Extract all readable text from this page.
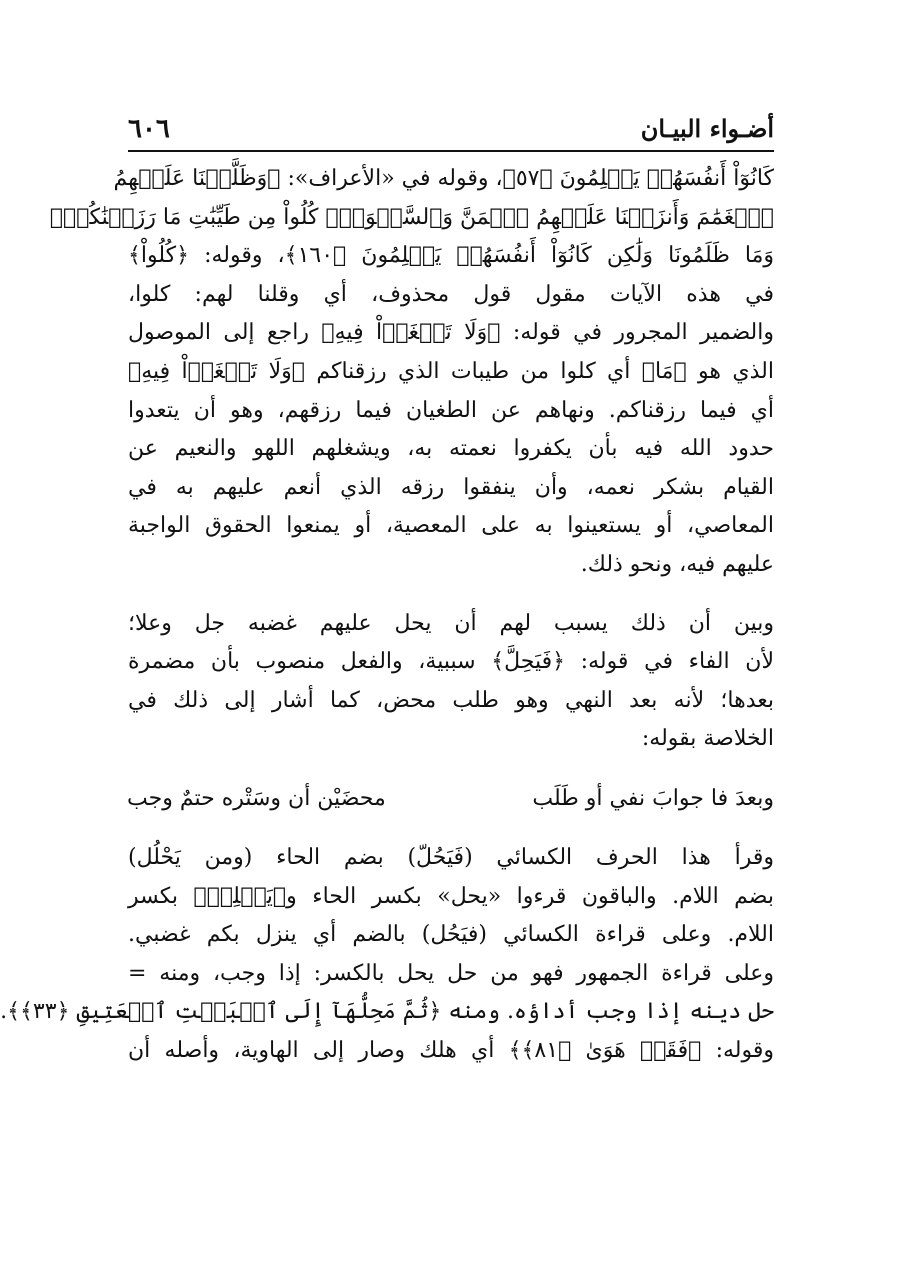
٦٠٦	أضـواء البيـان
كَانُوٓاْ أَنفُسَهُمۡ يَظۡلِمُونَ ﴿٥٧﴾، وقوله في «الأعراف»: ﴿وَظَلَّلۡنَا عَلَيۡهِمُ
ٱلۡغَمَٰمَ وَأَنزَلۡنَا عَلَيۡهِمُ ٱلۡمَنَّ وَٱلسَّلۡوَىٰۖ كُلُواْ مِن طَيِّبَٰتِ مَا رَزَقۡنَٰكُمۡۚ
وَمَا ظَلَمُونَا وَلَٰكِن كَانُوٓاْ أَنفُسَهُمۡ يَظۡلِمُونَ ﴿١٦٠﴾، وقوله: ﴿كُلُواْ﴾
في هذه الآيات مقول قول محذوف، أي وقلنا لهم: كلوا،
والضمير المجرور في قوله: ﴿وَلَا تَطۡغَوۡاْ فِيهِ﴾ راجع إلى الموصول
الذي هو ﴿مَا﴾ أي كلوا من طيبات الذي رزقناكم ﴿وَلَا تَطۡغَوۡاْ فِيهِ﴾
أي فيما رزقناكم. ونهاهم عن الطغيان فيما رزقهم، وهو أن يتعدوا
حدود الله فيه بأن يكفروا نعمته به، ويشغلهم اللهو والنعيم عن
القيام بشكر نعمه، وأن ينفقوا رزقه الذي أنعم عليهم به في
المعاصي، أو يستعينوا به على المعصية، أو يمنعوا الحقوق الواجبة
عليهم فيه، ونحو ذلك.
وبين أن ذلك يسبب لهم أن يحل عليهم غضبه جل وعلا؛
لأن الفاء في قوله: ﴿فَيَحِلَّ﴾ سببية، والفعل منصوب بأن مضمرة
بعدها؛ لأنه بعد النهي وهو طلب محض، كما أشار إلى ذلك في
الخلاصة بقوله:
وبعدَ فا جوابَ نفي أو طَلَب محضَيْن أن وسَتْره حتمٌ وجب
وقرأ هذا الحرف الكسائي (فَيَحُلّ) بضم الحاء (ومن يَحْلُل)
بضم اللام. والباقون قرءوا «يحل» بكسر الحاء و﴿يَحۡلِلۡ﴾ بكسر
اللام. وعلى قراءة الكسائي (فيَحُل) بالضم أي ينزل بكم غضبي.
وعلى قراءة الجمهور فهو من حل يحل بالكسر: إذا وجب، ومنه =
حل دينه إذا وجب أداؤه. ومنه ﴿ثُمَّ مَحِلُّهَآ إِلَى ٱلۡبَيۡتِ ٱلۡعَتِيقِ ﴿٣٣﴾﴾.
وقوله: ﴿فَقَدۡ هَوَىٰ ﴿٨١﴾﴾ أي هلك وصار إلى الهاوية، وأصله أن
